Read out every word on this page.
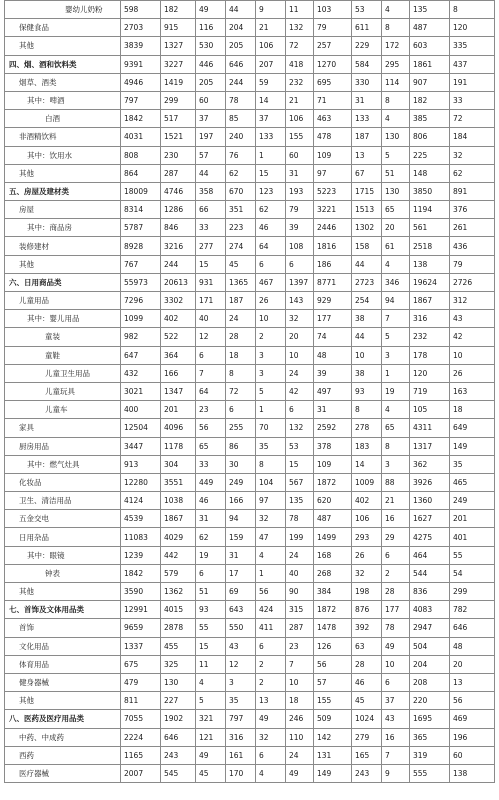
婴幼儿奶粉	598	182	49	44	9	11	103	53	4	135	8
保健食品	2703	915	116	204	21	132	79	611	8	487	120
其他	3839	1327	530	205	106	72	257	229	172	603	335
四、烟、酒和饮料类	9391	3227	446	646	207	418	1270	584	295	1861	437
烟草、酒类	4946	1419	205	244	59	232	695	330	114	907	191
其中：啤酒	797	299	60	78	14	21	71	31	8	182	33
白酒	1842	517	37	85	37	106	463	133	4	385	72
非酒精饮料	4031	1521	197	240	133	155	478	187	130	806	184
其中：饮用水	808	230	57	76	1	60	109	13	5	225	32
其他	864	287	44	62	15	31	97	67	51	148	62
五、房屋及建材类	18009	4746	358	670	123	193	5223	1715	130	3850	891
房屋	8314	1286	66	351	62	79	3221	1513	65	1194	376
其中：商品房	5787	846	33	223	46	39	2446	1302	20	561	261
装修建材	8928	3216	277	274	64	108	1816	158	61	2518	436
其他	767	244	15	45	6	6	186	44	4	138	79
六、日用商品类	55973	20613	931	1365	467	1397	8771	2723	346	19624	2726
儿童用品	7296	3302	171	187	26	143	929	254	94	1867	312
其中：婴儿用品	1099	402	40	24	10	32	177	38	7	316	43
童装	982	522	12	28	2	20	74	44	5	232	42
童鞋	647	364	6	18	3	10	48	10	3	178	10
儿童卫生用品	432	166	7	8	3	24	39	38	1	120	26
儿童玩具	3021	1347	64	72	5	42	497	93	19	719	163
儿童车	400	201	23	6	1	6	31	8	4	105	18
家具	12504	4096	56	255	70	132	2592	278	65	4311	649
厨房用品	3447	1178	65	86	35	53	378	183	8	1317	149
其中：燃气灶具	913	304	33	30	8	15	109	14	3	362	35
化妆品	12280	3551	449	249	104	567	1872	1009	88	3926	465
卫生、清洁用品	4124	1038	46	166	97	135	620	402	21	1360	249
五金交电	4539	1867	31	94	32	78	487	106	16	1627	201
日用杂品	11083	4029	62	159	47	199	1499	293	29	4275	401
其中：眼镜	1239	442	19	31	4	24	168	26	6	464	55
钟表	1842	579	6	17	1	40	268	32	2	544	54
其他	3590	1362	51	69	56	90	384	198	28	836	299
七、首饰及文体用品类	12991	4015	93	643	424	315	1872	876	177	4083	782
首饰	9659	2878	55	550	411	287	1478	392	78	2947	646
文化用品	1337	455	15	43	6	23	126	63	49	504	48
体育用品	675	325	11	12	2	7	56	28	10	204	20
健身器械	479	130	4	3	2	10	57	46	6	208	13
其他	811	227	5	35	13	18	155	45	37	220	56
八、医药及医疗用品类	7055	1902	321	797	49	246	509	1024	43	1695	469
中药、中成药	2224	646	121	316	32	110	142	279	16	365	196
西药	1165	243	49	161	6	24	131	165	7	319	60
医疗器械	2007	545	45	170	4	49	149	243	9	555	138
